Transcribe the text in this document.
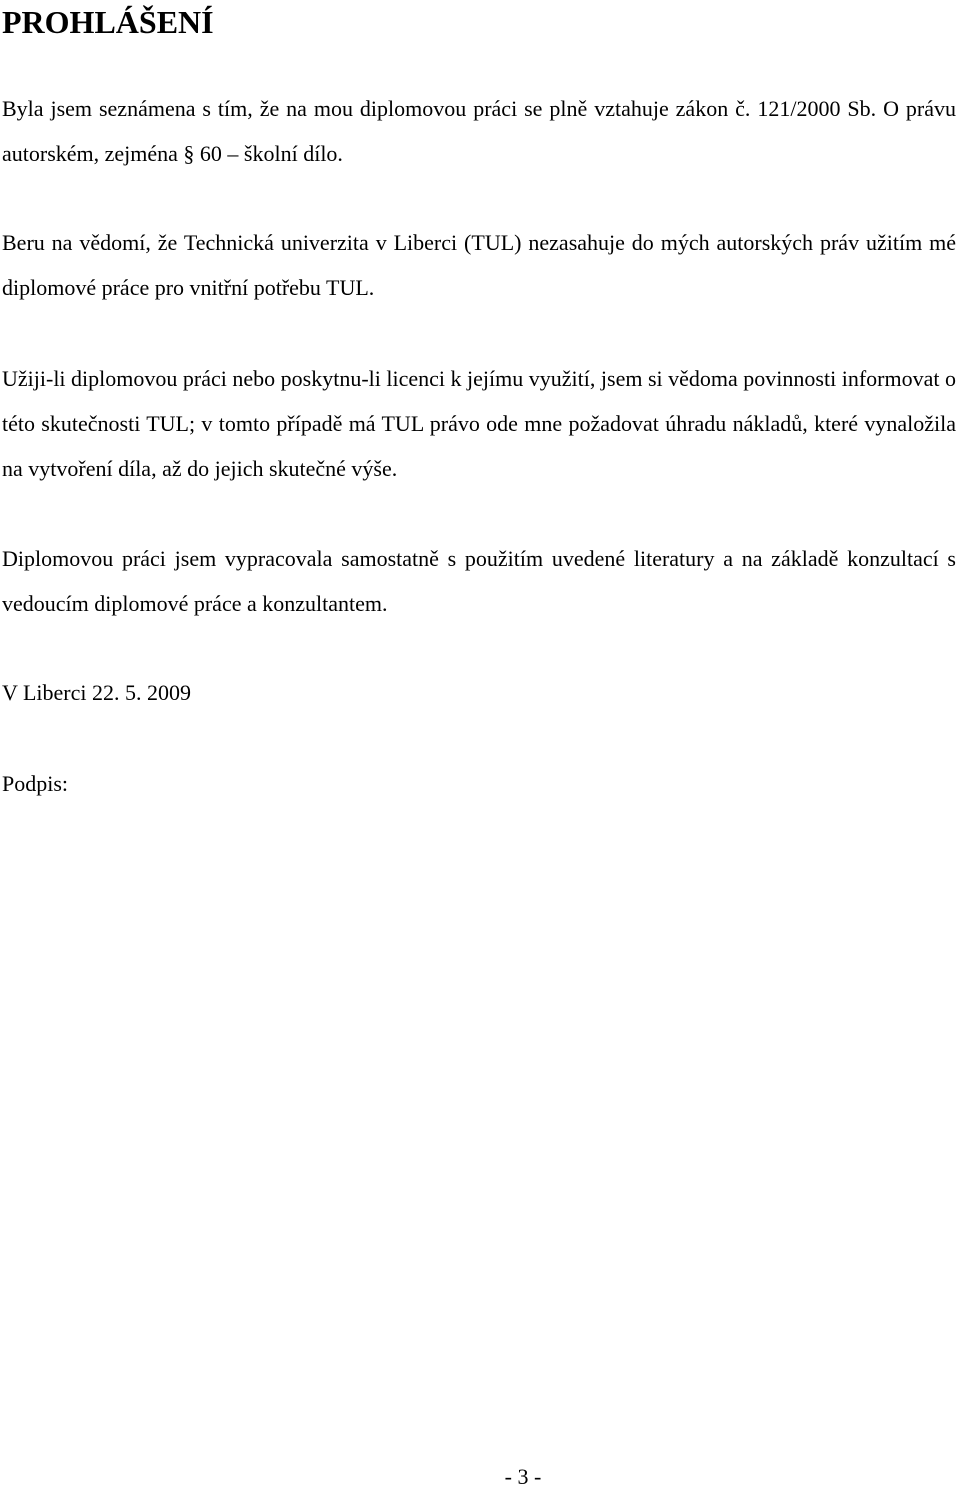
PROHLÁŠENÍ

Byla jsem seznámena s tím, že na mou diplomovou práci se plně vztahuje zákon č. 121/2000 Sb. O právu autorském, zejména § 60 – školní dílo.

Beru na vědomí, že Technická univerzita v Liberci (TUL) nezasahuje do mých autorských práv užitím mé diplomové práce pro vnitřní potřebu TUL.

Užiji-li diplomovou práci nebo poskytnu-li licenci k jejímu využití, jsem si vědoma povinnosti informovat o této skutečnosti TUL; v tomto případě má TUL právo ode mne požadovat úhradu nákladů, které vynaložila na vytvoření díla, až do jejich skutečné výše.

Diplomovou práci jsem vypracovala samostatně s použitím uvedené literatury a na základě konzultací s vedoucím diplomové práce a konzultantem.

V Liberci 22. 5. 2009

Podpis:

- 3 -
